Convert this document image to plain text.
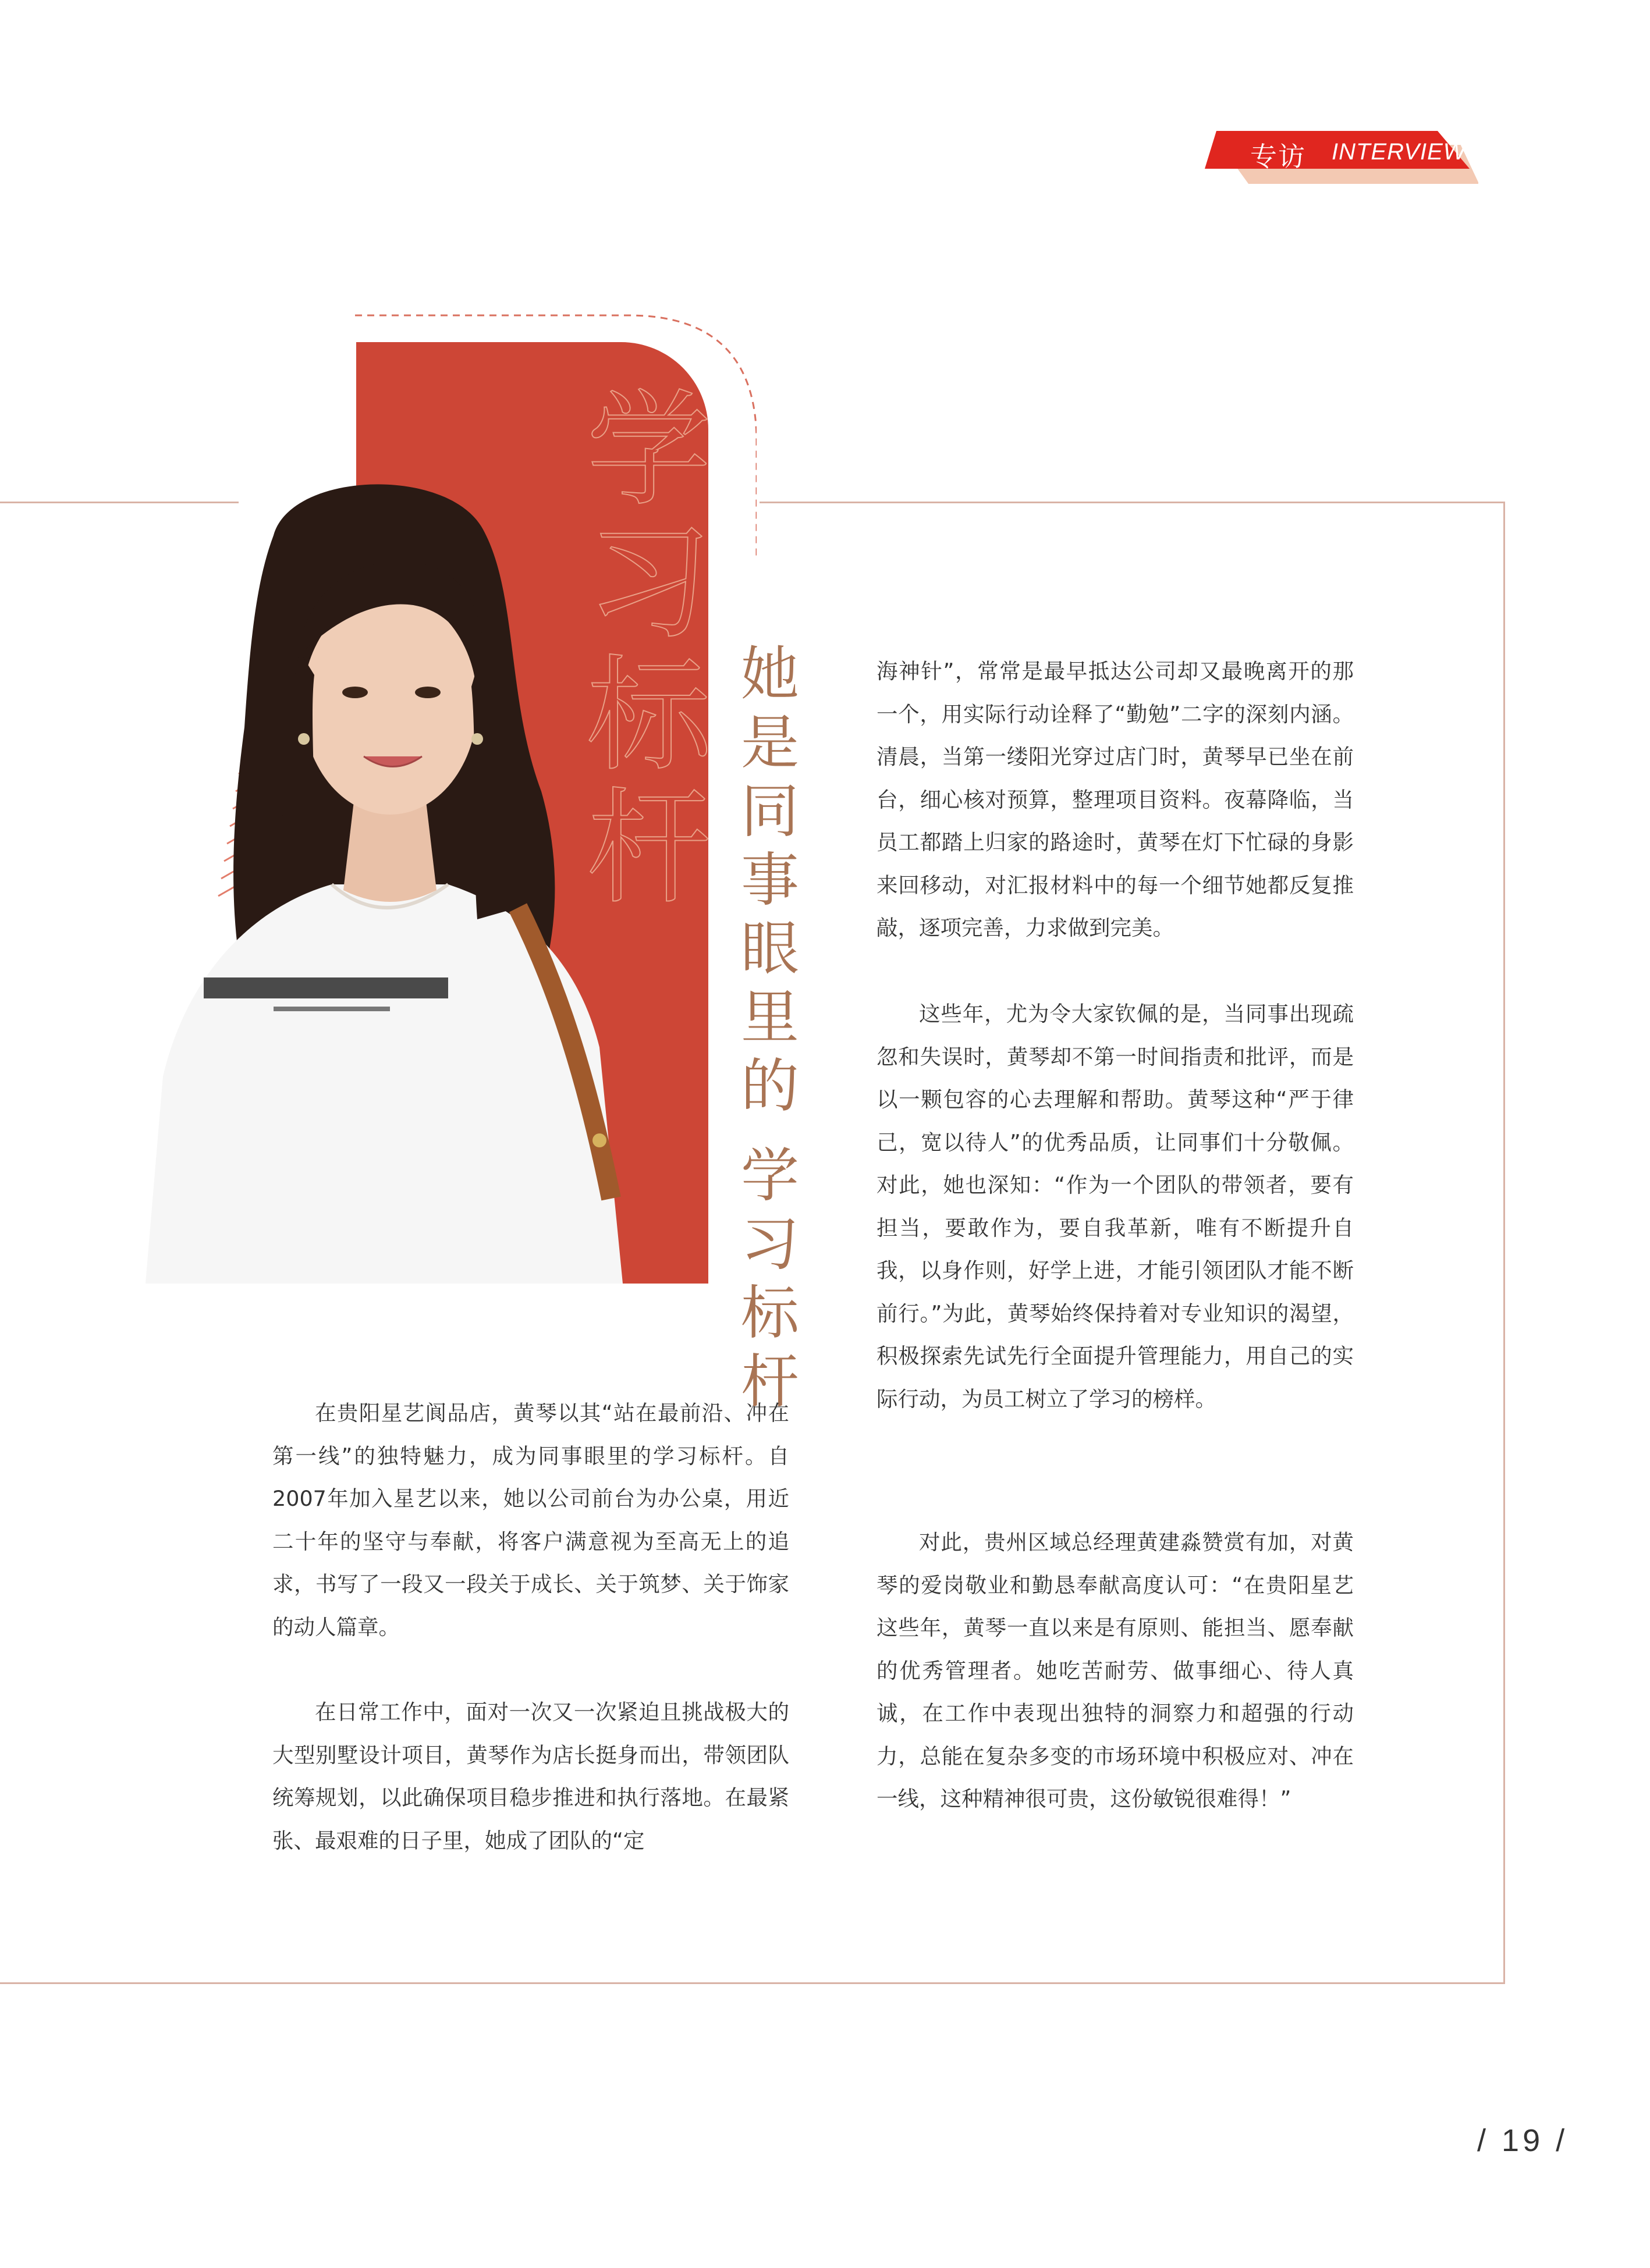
专访 INTERVIEW
学
习
标
杆
她
是
同
事
眼
里
的
学
习
标
杆

在贵阳星艺阆品店，黄琴以其“站在最前沿、冲在第一线”的独特魅力，成为同事眼里的学习标杆。自2007年加入星艺以来，她以公司前台为办公桌，用近二十年的坚守与奉献，将客户满意视为至高无上的追求，书写了一段又一段关于成长、关于筑梦、关于饰家的动人篇章。

在日常工作中，面对一次又一次紧迫且挑战极大的大型别墅设计项目，黄琴作为店长挺身而出，带领团队统筹规划，以此确保项目稳步推进和执行落地。在最紧张、最艰难的日子里，她成了团队的“定

海神针”，常常是最早抵达公司却又最晚离开的那一个，用实际行动诠释了“勤勉”二字的深刻内涵。清晨，当第一缕阳光穿过店门时，黄琴早已坐在前台，细心核对预算，整理项目资料。夜幕降临，当员工都踏上归家的路途时，黄琴在灯下忙碌的身影来回移动，对汇报材料中的每一个细节她都反复推敲，逐项完善，力求做到完美。

这些年，尤为令大家钦佩的是，当同事出现疏忽和失误时，黄琴却不第一时间指责和批评，而是以一颗包容的心去理解和帮助。黄琴这种“严于律己，宽以待人”的优秀品质，让同事们十分敬佩。对此，她也深知：“作为一个团队的带领者，要有担当，要敢作为，要自我革新，唯有不断提升自我，以身作则，好学上进，才能引领团队才能不断前行。”为此，黄琴始终保持着对专业知识的渴望，积极探索先试先行全面提升管理能力，用自己的实际行动，为员工树立了学习的榜样。

对此，贵州区域总经理黄建淼赞赏有加，对黄琴的爱岗敬业和勤恳奉献高度认可：“在贵阳星艺这些年，黄琴一直以来是有原则、能担当、愿奉献的优秀管理者。她吃苦耐劳、做事细心、待人真诚，在工作中表现出独特的洞察力和超强的行动力，总能在复杂多变的市场环境中积极应对、冲在一线，这种精神很可贵，这份敏锐很难得！”

/ 19 /
